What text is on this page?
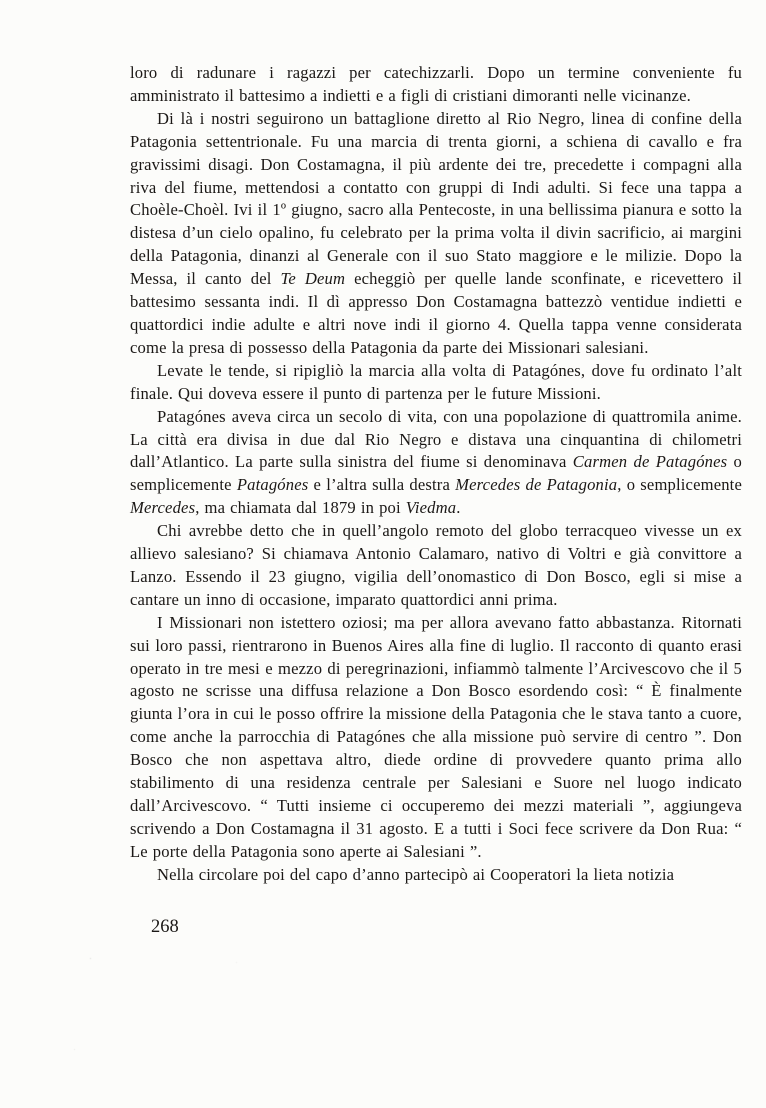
loro di radunare i ragazzi per catechizzarli. Dopo un termine conveniente fu amministrato il battesimo a indietti e a figli di cristiani dimoranti nelle vicinanze.

Di là i nostri seguirono un battaglione diretto al Rio Negro, linea di confine della Patagonia settentrionale. Fu una marcia di trenta giorni, a schiena di cavallo e fra gravissimi disagi. Don Costamagna, il più ardente dei tre, precedette i compagni alla riva del fiume, mettendosi a contatto con gruppi di Indi adulti. Si fece una tappa a Choèle-Choèl. Ivi il 1º giugno, sacro alla Pentecoste, in una bellissima pianura e sotto la distesa d’un cielo opalino, fu celebrato per la prima volta il divin sacrificio, ai margini della Patagonia, dinanzi al Generale con il suo Stato maggiore e le milizie. Dopo la Messa, il canto del Te Deum echeggiò per quelle lande sconfinate, e ricevettero il battesimo sessanta indi. Il dì appresso Don Costamagna battezzò ventidue indietti e quattordici indie adulte e altri nove indi il giorno 4. Quella tappa venne considerata come la presa di possesso della Patagonia da parte dei Missionari salesiani.

Levate le tende, si ripigliò la marcia alla volta di Patagónes, dove fu ordinato l’alt finale. Qui doveva essere il punto di partenza per le future Missioni.

Patagónes aveva circa un secolo di vita, con una popolazione di quattromila anime. La città era divisa in due dal Rio Negro e distava una cinquantina di chilometri dall’Atlantico. La parte sulla sinistra del fiume si denominava Carmen de Patagónes o semplicemente Patagónes e l’altra sulla destra Mercedes de Patagonia, o semplicemente Mercedes, ma chiamata dal 1879 in poi Viedma.

Chi avrebbe detto che in quell’angolo remoto del globo terracqueo vivesse un ex allievo salesiano? Si chiamava Antonio Calamaro, nativo di Voltri e già convittore a Lanzo. Essendo il 23 giugno, vigilia dell’onomastico di Don Bosco, egli si mise a cantare un inno di occasione, imparato quattordici anni prima.

I Missionari non istettero oziosi; ma per allora avevano fatto abbastanza. Ritornati sui loro passi, rientrarono in Buenos Aires alla fine di luglio. Il racconto di quanto erasi operato in tre mesi e mezzo di peregrinazioni, infiammò talmente l’Arcivescovo che il 5 agosto ne scrisse una diffusa relazione a Don Bosco esordendo così: “ È finalmente giunta l’ora in cui le posso offrire la missione della Patagonia che le stava tanto a cuore, come anche la parrocchia di Patagónes che alla missione può servire di centro ”. Don Bosco che non aspettava altro, diede ordine di provvedere quanto prima allo stabilimento di una residenza centrale per Salesiani e Suore nel luogo indicato dall’Arcivescovo. “ Tutti insieme ci occuperemo dei mezzi materiali ”, aggiungeva scrivendo a Don Costamagna il 31 agosto. E a tutti i Soci fece scrivere da Don Rua: “ Le porte della Patagonia sono aperte ai Salesiani ”.

Nella circolare poi del capo d’anno partecipò ai Cooperatori la lieta notizia

268
